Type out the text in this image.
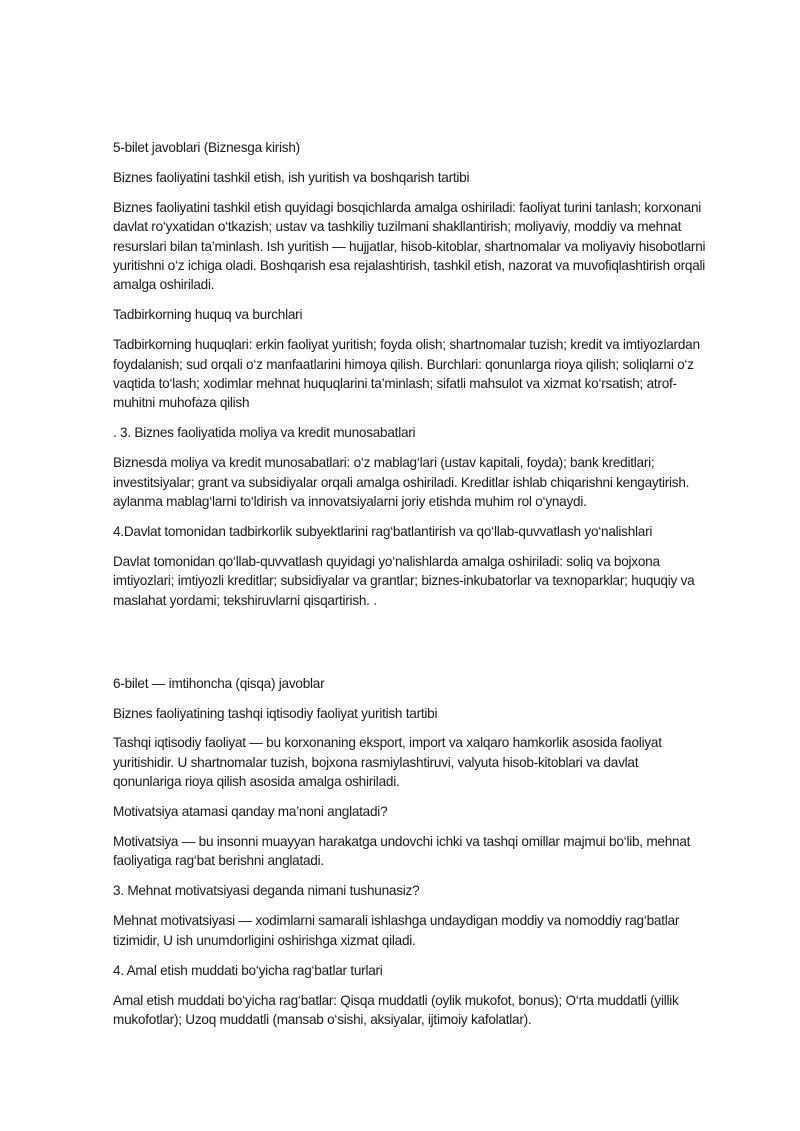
5-bilet javoblari (Biznesga kirish)
Biznes faoliyatini tashkil etish, ish yuritish va boshqarish tartibi
Biznes faoliyatini tashkil etish quyidagi bosqichlarda amalga oshiriladi: faoliyat turini tanlash; korxonani
davlat ro‘yxatidan o‘tkazish; ustav va tashkiliy tuzilmani shakllantirish; moliyaviy, moddiy va mehnat
resurslari bilan ta’minlash. Ish yuritish — hujjatlar, hisob-kitoblar, shartnomalar va moliyaviy hisobotlarni
yuritishni o‘z ichiga oladi. Boshqarish esa rejalashtirish, tashkil etish, nazorat va muvofiqlashtirish orqali
amalga oshiriladi.
Tadbirkorning huquq va burchlari
Tadbirkorning huquqlari: erkin faoliyat yuritish; foyda olish; shartnomalar tuzish; kredit va imtiyozlardan
foydalanish; sud orqali o‘z manfaatlarini himoya qilish. Burchlari: qonunlarga rioya qilish; soliqlarni o‘z
vaqtida to‘lash; xodimlar mehnat huquqlarini ta’minlash; sifatli mahsulot va xizmat ko‘rsatish; atrof-
muhitni muhofaza qilish
. 3. Biznes faoliyatida moliya va kredit munosabatlari
Biznesda moliya va kredit munosabatlari: o‘z mablag‘lari (ustav kapitali, foyda); bank kreditlari;
investitsiyalar; grant va subsidiyalar orqali amalga oshiriladi. Kreditlar ishlab chiqarishni kengaytirish.
aylanma mablag‘larni to‘ldirish va innovatsiyalarni joriy etishda muhim rol o‘ynaydi.
4.Davlat tomonidan tadbirkorlik subyektlarini rag‘batlantirish va qo‘llab-quvvatlash yo‘nalishlari
Davlat tomonidan qo‘llab-quvvatlash quyidagi yo‘nalishlarda amalga oshiriladi: soliq va bojxona
imtiyozlari; imtiyozli kreditlar; subsidiyalar va grantlar; biznes-inkubatorlar va texnoparklar; huquqiy va
maslahat yordami; tekshiruvlarni qisqartirish. .
6-bilet — imtihoncha (qisqa) javoblar
Biznes faoliyatining tashqi iqtisodiy faoliyat yuritish tartibi
Tashqi iqtisodiy faoliyat — bu korxonaning eksport, import va xalqaro hamkorlik asosida faoliyat
yuritishidir. U shartnomalar tuzish, bojxona rasmiylashtiruvi, valyuta hisob-kitoblari va davlat
qonunlariga rioya qilish asosida amalga oshiriladi.
Motivatsiya atamasi qanday ma’noni anglatadi?
Motivatsiya — bu insonni muayyan harakatga undovchi ichki va tashqi omillar majmui bo‘lib, mehnat
faoliyatiga rag‘bat berishni anglatadi.
3. Mehnat motivatsiyasi deganda nimani tushunasiz?
Mehnat motivatsiyasi — xodimlarni samarali ishlashga undaydigan moddiy va nomoddiy rag‘batlar
tizimidir, U ish unumdorligini oshirishga xizmat qiladi.
4. Amal etish muddati bo‘yicha rag‘batlar turlari
Amal etish muddati bo‘yicha rag‘batlar: Qisqa muddatli (oylik mukofot, bonus); O‘rta muddatli (yillik
mukofotlar); Uzoq muddatli (mansab o‘sishi, aksiyalar, ijtimoiy kafolatlar).
